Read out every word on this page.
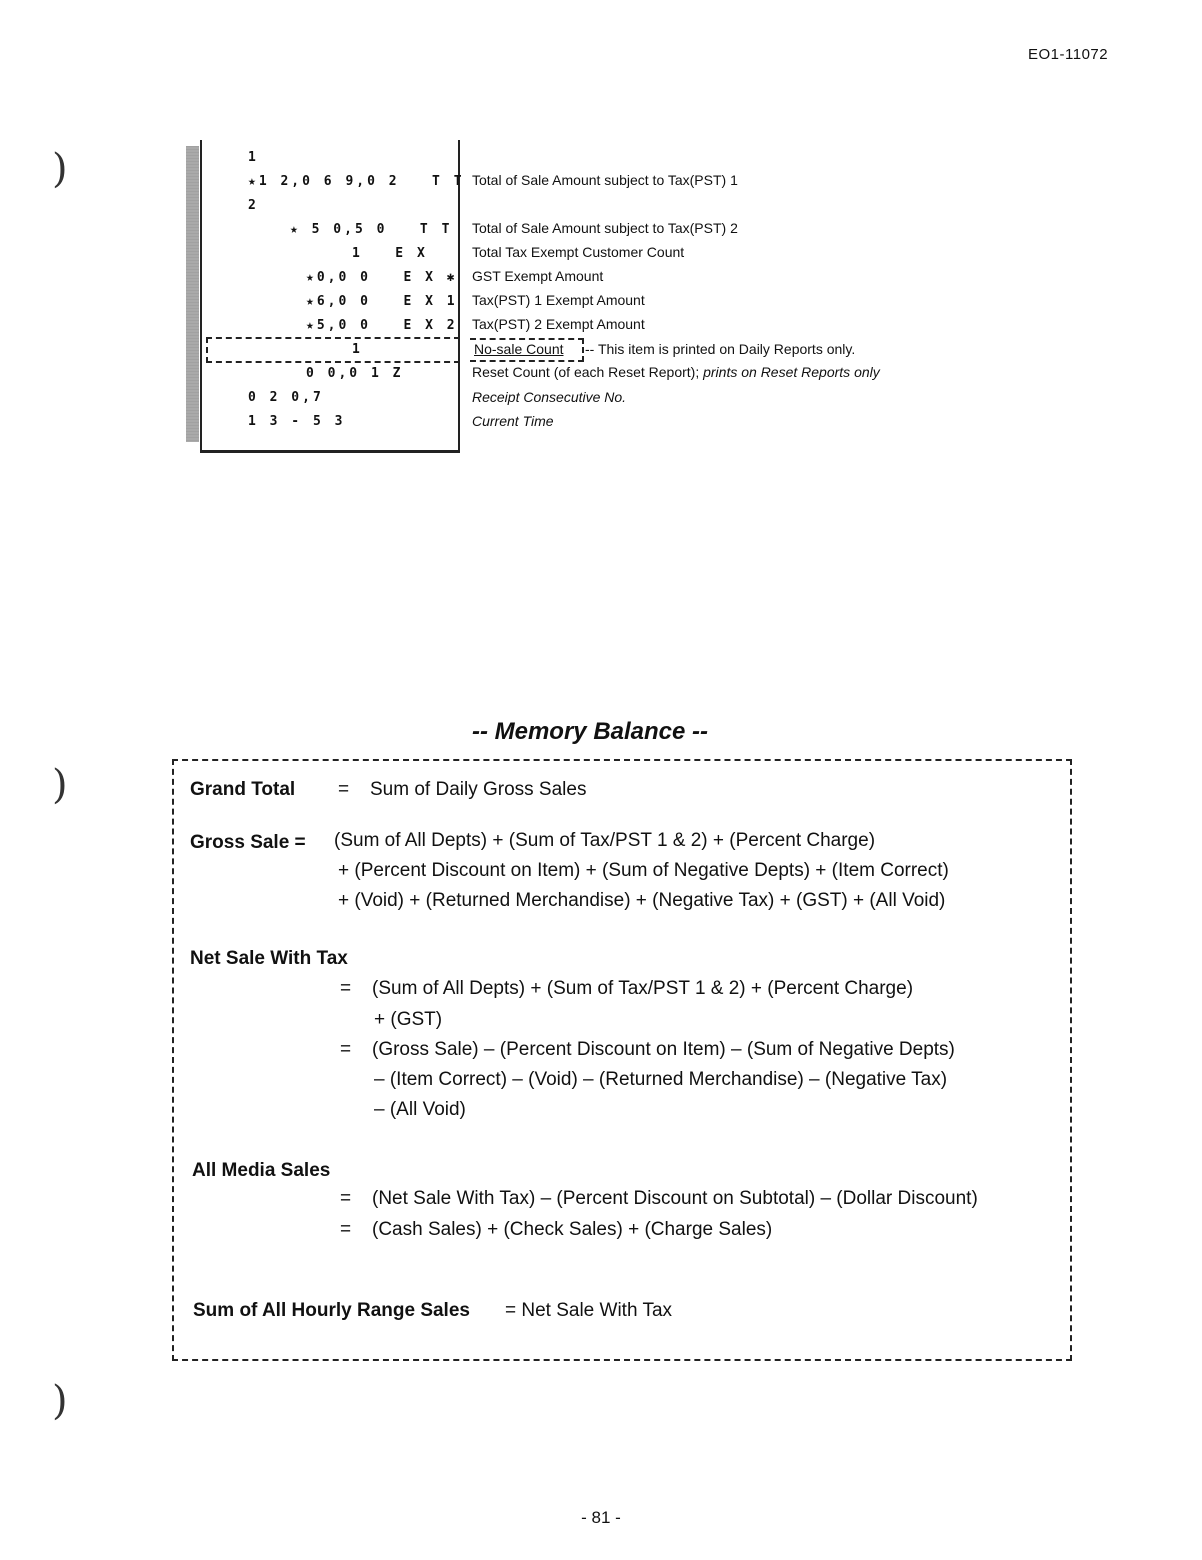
EO1-11072
)
)
)
1
★1 2,0 6 9,0 2   T T
2
★ 5 0,5 0   T T
1   E X
★0,0 0   E X ✱
★6,0 0   E X 1
★5,0 0   E X 2
1
0 0,0 1 Z
0 2 0,7
1 3 - 5 3
Total of Sale Amount subject to Tax(PST) 1
Total of Sale Amount subject to Tax(PST) 2
Total Tax Exempt Customer Count
GST Exempt Amount
Tax(PST) 1 Exempt Amount
Tax(PST) 2 Exempt Amount
No-sale Count -- This item is printed on Daily Reports only.
Reset Count (of each Reset Report); prints on Reset Reports only
Receipt Consecutive No.
Current Time
-- Memory Balance --
Grand Total = Sum of Daily Gross Sales
Gross Sale = (Sum of All Depts) + (Sum of Tax/PST 1 & 2) + (Percent Charge)
+ (Percent Discount on Item) + (Sum of Negative Depts) + (Item Correct)
+ (Void) + (Returned Merchandise) + (Negative Tax) + (GST) + (All Void)
Net Sale With Tax
= (Sum of All Depts) + (Sum of Tax/PST 1 & 2) + (Percent Charge)
+ (GST)
= (Gross Sale) – (Percent Discount on Item) – (Sum of Negative Depts)
– (Item Correct) – (Void) – (Returned Merchandise) – (Negative Tax)
– (All Void)
All Media Sales
= (Net Sale With Tax) – (Percent Discount on Subtotal) – (Dollar Discount)
= (Cash Sales) + (Check Sales) + (Charge Sales)
Sum of All Hourly Range Sales = Net Sale With Tax
- 81 -
